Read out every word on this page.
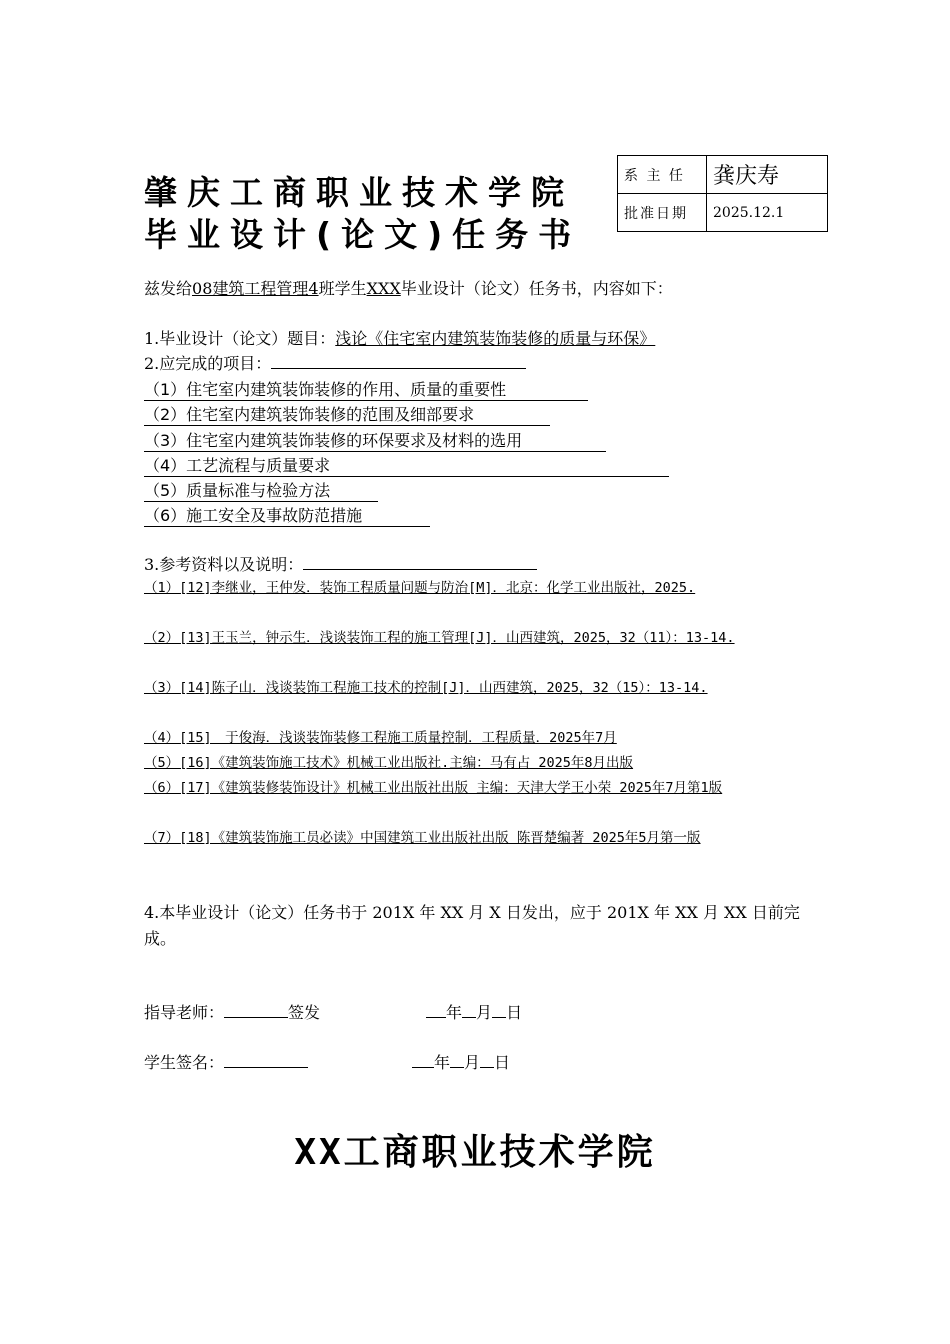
肇庆工商职业技术学院
毕业设计(论文)任务书
系 主 任	龚庆寿
批准日期	2025.12.1
兹发给08建筑工程管理4班学生XXX毕业设计（论文）任务书，内容如下：
1.毕业设计（论文）题目：浅论《住宅室内建筑装饰装修的质量与环保》
2.应完成的项目：
（1）住宅室内建筑装饰装修的作用、质量的重要性
（2）住宅室内建筑装饰装修的范围及细部要求
（3）住宅室内建筑装饰装修的环保要求及材料的选用
（4）工艺流程与质量要求
（5）质量标准与检验方法
（6）施工安全及事故防范措施
3.参考资料以及说明：
（1）[12]李继业，王仲发．装饰工程质量问题与防治[M]．北京：化学工业出版社，2025.
（2）[13]王玉兰，钟示生．浅谈装饰工程的施工管理[J]．山西建筑，2025，32（11）：13-14.
（3）[14]陈子山．浅谈装饰工程施工技术的控制[J]．山西建筑，2025，32（15）：13-14.
（4）[15]　于俊海．浅谈装饰装修工程施工质量控制．工程质量．2025年7月
（5）[16]《建筑装饰施工技术》机械工业出版社.主编：马有占 2025年8月出版
（6）[17]《建筑装修装饰设计》机械工业出版社出版 主编：天津大学王小荣 2025年7月第1版
（7）[18]《建筑装饰施工员必读》中国建筑工业出版社出版 陈晋楚编著 2025年5月第一版
4.本毕业设计（论文）任务书于 201X 年 XX 月 X 日发出，应于 201X 年 XX 月 XX 日前完成。
指导老师：	签发	年 月 日
学生签名：	年 月 日
XX工商职业技术学院
